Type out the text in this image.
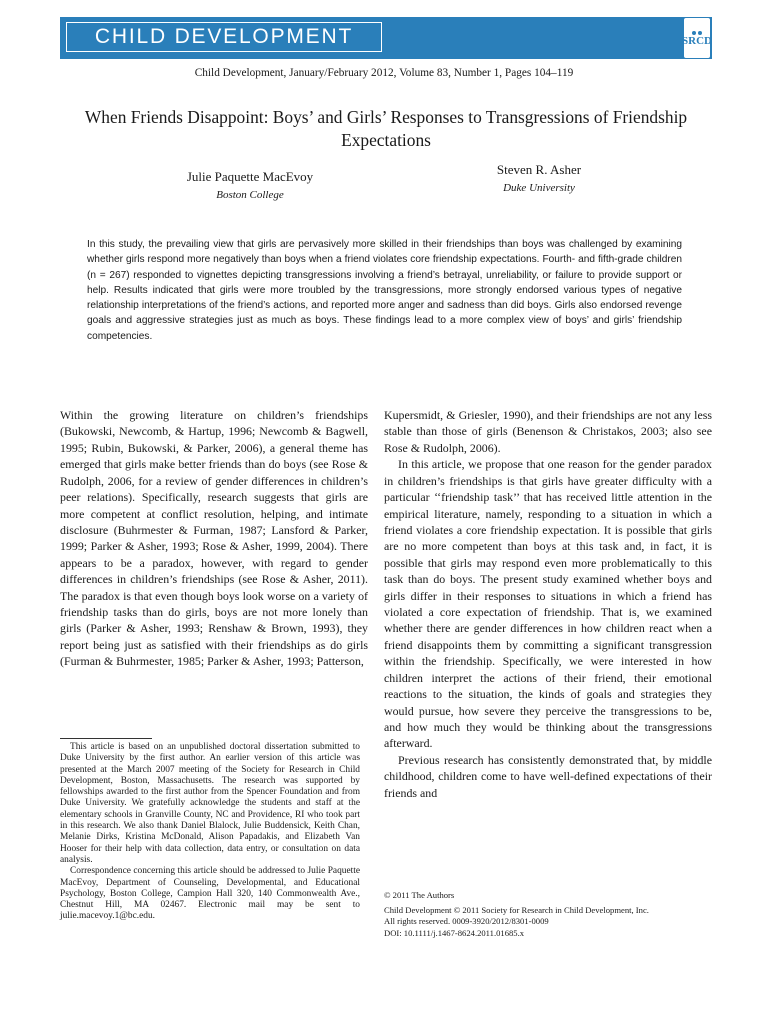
CHILD DEVELOPMENT	SRCD
Child Development, January/February 2012, Volume 83, Number 1, Pages 104–119
When Friends Disappoint: Boys’ and Girls’ Responses to Transgressions of Friendship Expectations
Julie Paquette MacEvoy
Boston College
Steven R. Asher
Duke University

In this study, the prevailing view that girls are pervasively more skilled in their friendships than boys was challenged by examining whether girls respond more negatively than boys when a friend violates core friendship expectations. Fourth- and fifth-grade children (n = 267) responded to vignettes depicting transgressions involving a friend’s betrayal, unreliability, or failure to provide support or help. Results indicated that girls were more troubled by the transgressions, more strongly endorsed various types of negative relationship interpretations of the friend’s actions, and reported more anger and sadness than did boys. Girls also endorsed revenge goals and aggressive strategies just as much as boys. These findings lead to a more complex view of boys’ and girls’ friendship competencies.

Within the growing literature on children’s friendships (Bukowski, Newcomb, & Hartup, 1996; Newcomb & Bagwell, 1995; Rubin, Bukowski, & Parker, 2006), a general theme has emerged that girls make better friends than do boys (see Rose & Rudolph, 2006, for a review of gender differences in children’s peer relations). Specifically, research suggests that girls are more competent at conflict resolution, helping, and intimate disclosure (Buhrmester & Furman, 1987; Lansford & Parker, 1999; Parker & Asher, 1993; Rose & Asher, 1999, 2004). There appears to be a paradox, however, with regard to gender differences in children’s friendships (see Rose & Asher, 2011). The paradox is that even though boys look worse on a variety of friendship tasks than do girls, boys are not more lonely than girls (Parker & Asher, 1993; Renshaw & Brown, 1993), they report being just as satisfied with their friendships as do girls (Furman & Buhrmester, 1985; Parker & Asher, 1993; Patterson,

Kupersmidt, & Griesler, 1990), and their friendships are not any less stable than those of girls (Benenson & Christakos, 2003; also see Rose & Rudolph, 2006).

In this article, we propose that one reason for the gender paradox in children’s friendships is that girls have greater difficulty with a particular ‘‘friendship task’’ that has received little attention in the empirical literature, namely, responding to a situation in which a friend violates a core friendship expectation. It is possible that girls are no more competent than boys at this task and, in fact, it is possible that girls may respond even more problematically to this task than do boys. The present study examined whether boys and girls differ in their responses to situations in which a friend has violated a core expectation of friendship. That is, we examined whether there are gender differences in how children react when a friend disappoints them by committing a significant transgression within the friendship. Specifically, we were interested in how children interpret the actions of their friend, their emotional reactions to the situation, the kinds of goals and strategies they would pursue, how severe they perceive the transgressions to be, and how much they would be thinking about the transgressions afterward.

Previous research has consistently demonstrated that, by middle childhood, children come to have well-defined expectations of their friends and

This article is based on an unpublished doctoral dissertation submitted to Duke University by the first author. An earlier version of this article was presented at the March 2007 meeting of the Society for Research in Child Development, Boston, Massachusetts. The research was supported by fellowships awarded to the first author from the Spencer Foundation and from Duke University. We gratefully acknowledge the students and staff at the elementary schools in Granville County, NC and Providence, RI who took part in this research. We also thank Daniel Blalock, Julie Buddensick, Keith Chan, Melanie Dirks, Kristina McDonald, Alison Papadakis, and Elizabeth Van Hooser for their help with data collection, data entry, or consultation on data analysis.

Correspondence concerning this article should be addressed to Julie Paquette MacEvoy, Department of Counseling, Developmental, and Educational Psychology, Boston College, Campion Hall 320, 140 Commonwealth Ave., Chestnut Hill, MA 02467. Electronic mail may be sent to julie.macevoy.1@bc.edu.

© 2011 The Authors
Child Development © 2011 Society for Research in Child Development, Inc.
All rights reserved. 0009-3920/2012/8301-0009
DOI: 10.1111/j.1467-8624.2011.01685.x
